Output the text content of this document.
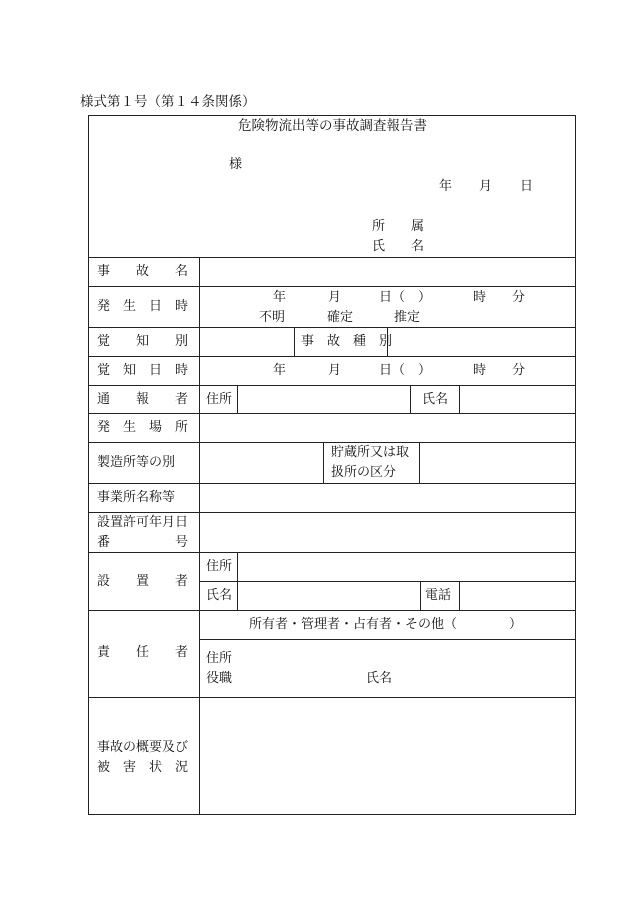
様式第１号（第１４条関係）
危険物流出等の事故調査報告書
様
年 月 日
所　　属
氏　　名
事　　故　　名
発　生　日　時
年	月	日（　）	時 分
不明	確定	推定
覚　　知　　別	事　故　種　別
覚　知　日　時	年	月	日（　）	時 分
通　　報　　者 住所	氏名
発　生　場　所
製造所等の別
貯蔵所又は取
扱所の区分
事業所名称等
設置許可年月日
番　　　　　号
設　　置　　者
住所
氏名	電話
責　　任　　者
所有者・管理者・占有者・その他（　　　　）
住所
役職	氏名
事故の概要及び
被　害　状　況
